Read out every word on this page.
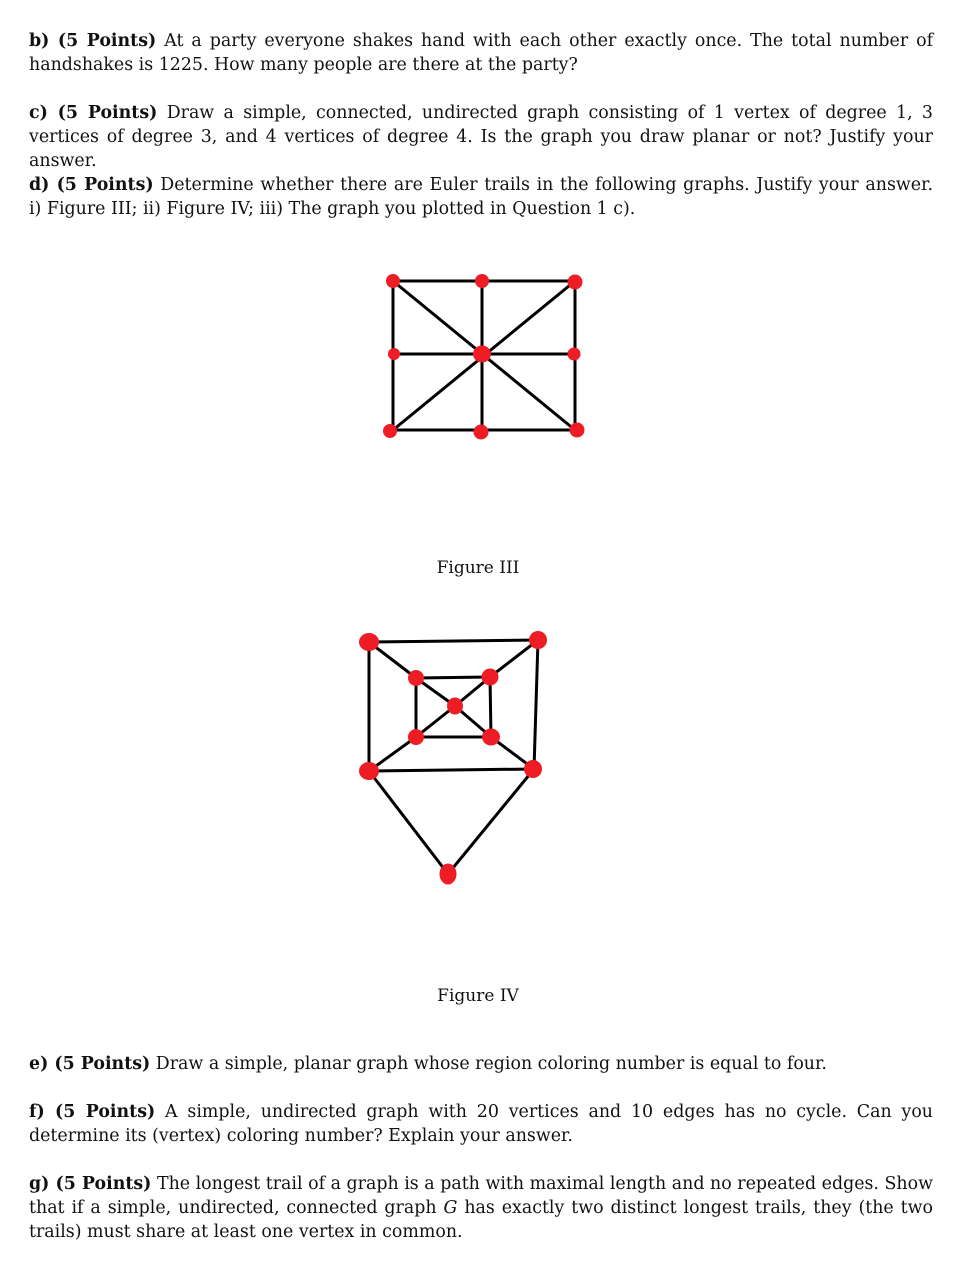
b) (5 Points) At a party everyone shakes hand with each other exactly once. The total number of handshakes is 1225. How many people are there at the party?

c) (5 Points) Draw a simple, connected, undirected graph consisting of 1 vertex of degree 1, 3 vertices of degree 3, and 4 vertices of degree 4. Is the graph you draw planar or not? Justify your answer.

d) (5 Points) Determine whether there are Euler trails in the following graphs. Justify your answer. i) Figure III; ii) Figure IV; iii) The graph you plotted in Question 1 c).

Figure III

Figure IV

e) (5 Points) Draw a simple, planar graph whose region coloring number is equal to four.

f) (5 Points) A simple, undirected graph with 20 vertices and 10 edges has no cycle. Can you determine its (vertex) coloring number? Explain your answer.

g) (5 Points) The longest trail of a graph is a path with maximal length and no repeated edges. Show that if a simple, undirected, connected graph G has exactly two distinct longest trails, they (the two trails) must share at least one vertex in common.
